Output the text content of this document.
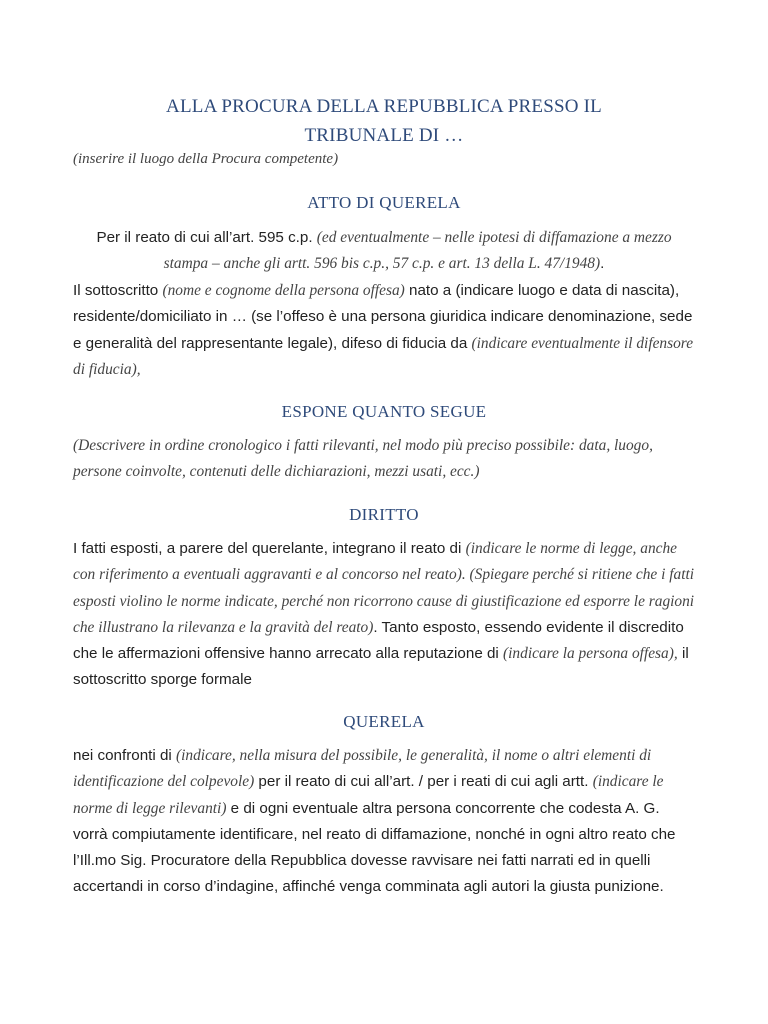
ALLA PROCURA DELLA REPUBBLICA PRESSO IL
TRIBUNALE DI …
(inserire il luogo della Procura competente)
ATTO DI QUERELA
Per il reato di cui all’art. 595 c.p. (ed eventualmente – nelle ipotesi di diffamazione a mezzo stampa – anche gli artt. 596 bis c.p., 57 c.p. e art. 13 della L. 47/1948).
Il sottoscritto (nome e cognome della persona offesa) nato a (indicare luogo e data di nascita), residente/domiciliato in … (se l’offeso è una persona giuridica indicare denominazione, sede e generalità del rappresentante legale), difeso di fiducia da (indicare eventualmente il difensore di fiducia),
ESPONE QUANTO SEGUE
(Descrivere in ordine cronologico i fatti rilevanti, nel modo più preciso possibile: data, luogo, persone coinvolte, contenuti delle dichiarazioni, mezzi usati, ecc.)
DIRITTO
I fatti esposti, a parere del querelante, integrano il reato di (indicare le norme di legge, anche con riferimento a eventuali aggravanti e al concorso nel reato). (Spiegare perché si ritiene che i fatti esposti violino le norme indicate, perché non ricorrono cause di giustificazione ed esporre le ragioni che illustrano la rilevanza e la gravità del reato). Tanto esposto, essendo evidente il discredito che le affermazioni offensive hanno arrecato alla reputazione di (indicare la persona offesa), il sottoscritto sporge formale
QUERELA
nei confronti di (indicare, nella misura del possibile, le generalità, il nome o altri elementi di identificazione del colpevole) per il reato di cui all’art. / per i reati di cui agli artt. (indicare le norme di legge rilevanti) e di ogni eventuale altra persona concorrente che codesta A. G. vorrà compiutamente identificare, nel reato di diffamazione, nonché in ogni altro reato che l’Ill.mo Sig. Procuratore della Repubblica dovesse ravvisare nei fatti narrati ed in quelli accertandi in corso d’indagine, affinché venga comminata agli autori la giusta punizione.
